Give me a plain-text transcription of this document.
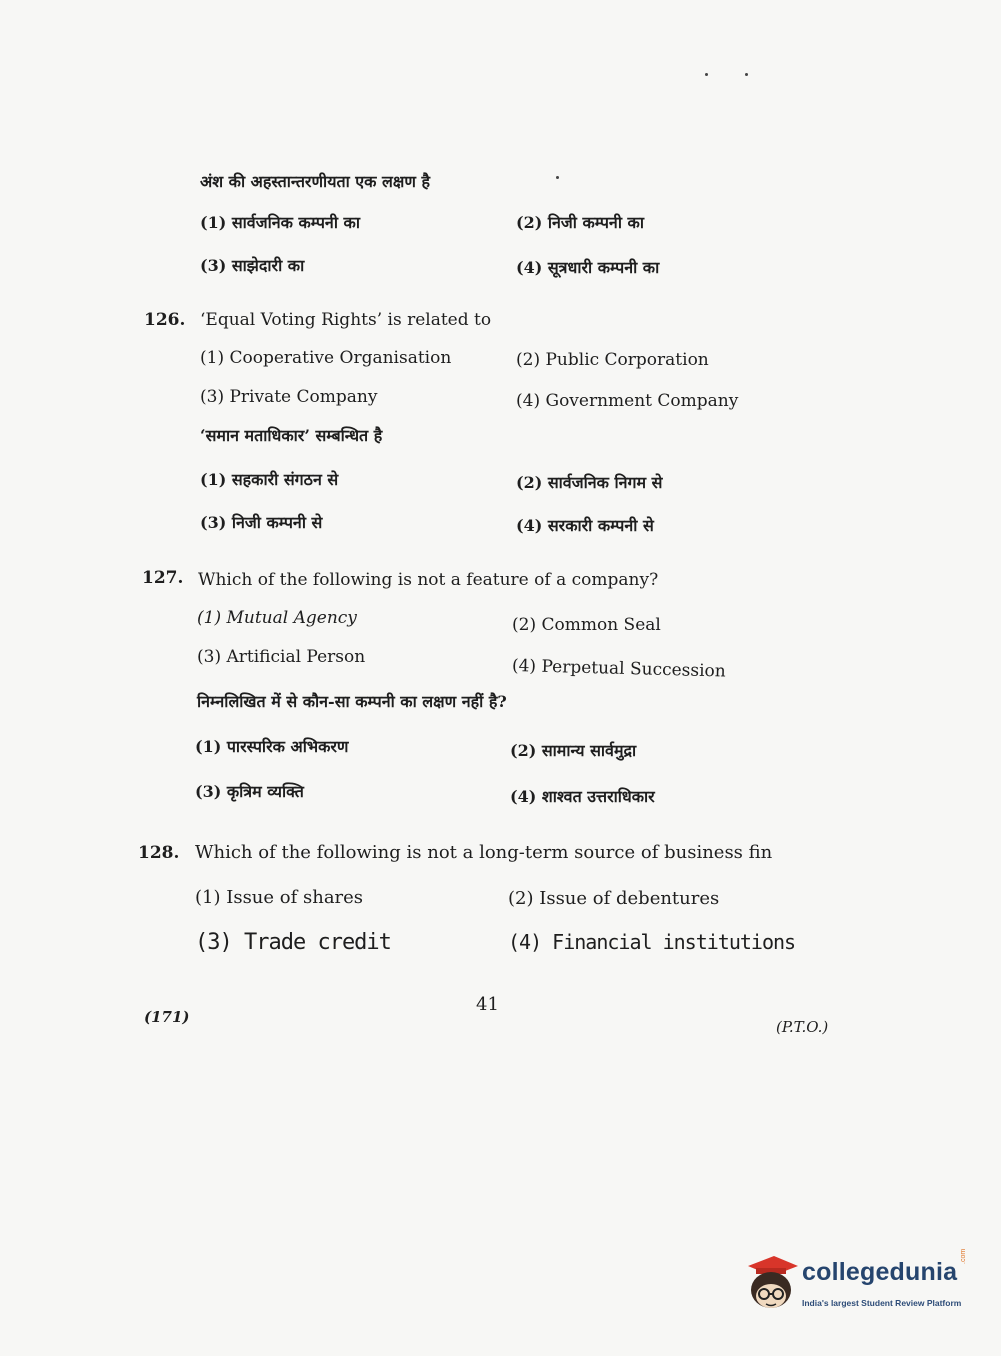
अंश की अहस्तान्तरणीयता एक लक्षण है
(1) सार्वजनिक कम्पनी का	(2) निजी कम्पनी का
(3) साझेदारी का	(4) सूत्रधारी कम्पनी का
126. ‘Equal Voting Rights’ is related to
(1) Cooperative Organisation	(2) Public Corporation
(3) Private Company	(4) Government Company
‘समान मताधिकार’ सम्बन्धित है
(1) सहकारी संगठन से	(2) सार्वजनिक निगम से
(3) निजी कम्पनी से	(4) सरकारी कम्पनी से
127. Which of the following is not a feature of a company?
(1) Mutual Agency	(2) Common Seal
(3) Artificial Person	(4) Perpetual Succession
निम्नलिखित में से कौन-सा कम्पनी का लक्षण नहीं है?
(1) पारस्परिक अभिकरण	(2) सामान्य सार्वमुद्रा
(3) कृत्रिम व्यक्ति	(4) शाश्वत उत्तराधिकार
128. Which of the following is not a long-term source of business fin
(1) Issue of shares	(2) Issue of debentures
(3) Trade credit	(4) Financial institutions
(171)
41
(P.T.O.)
collegedunia
.com
India's largest Student Review Platform
